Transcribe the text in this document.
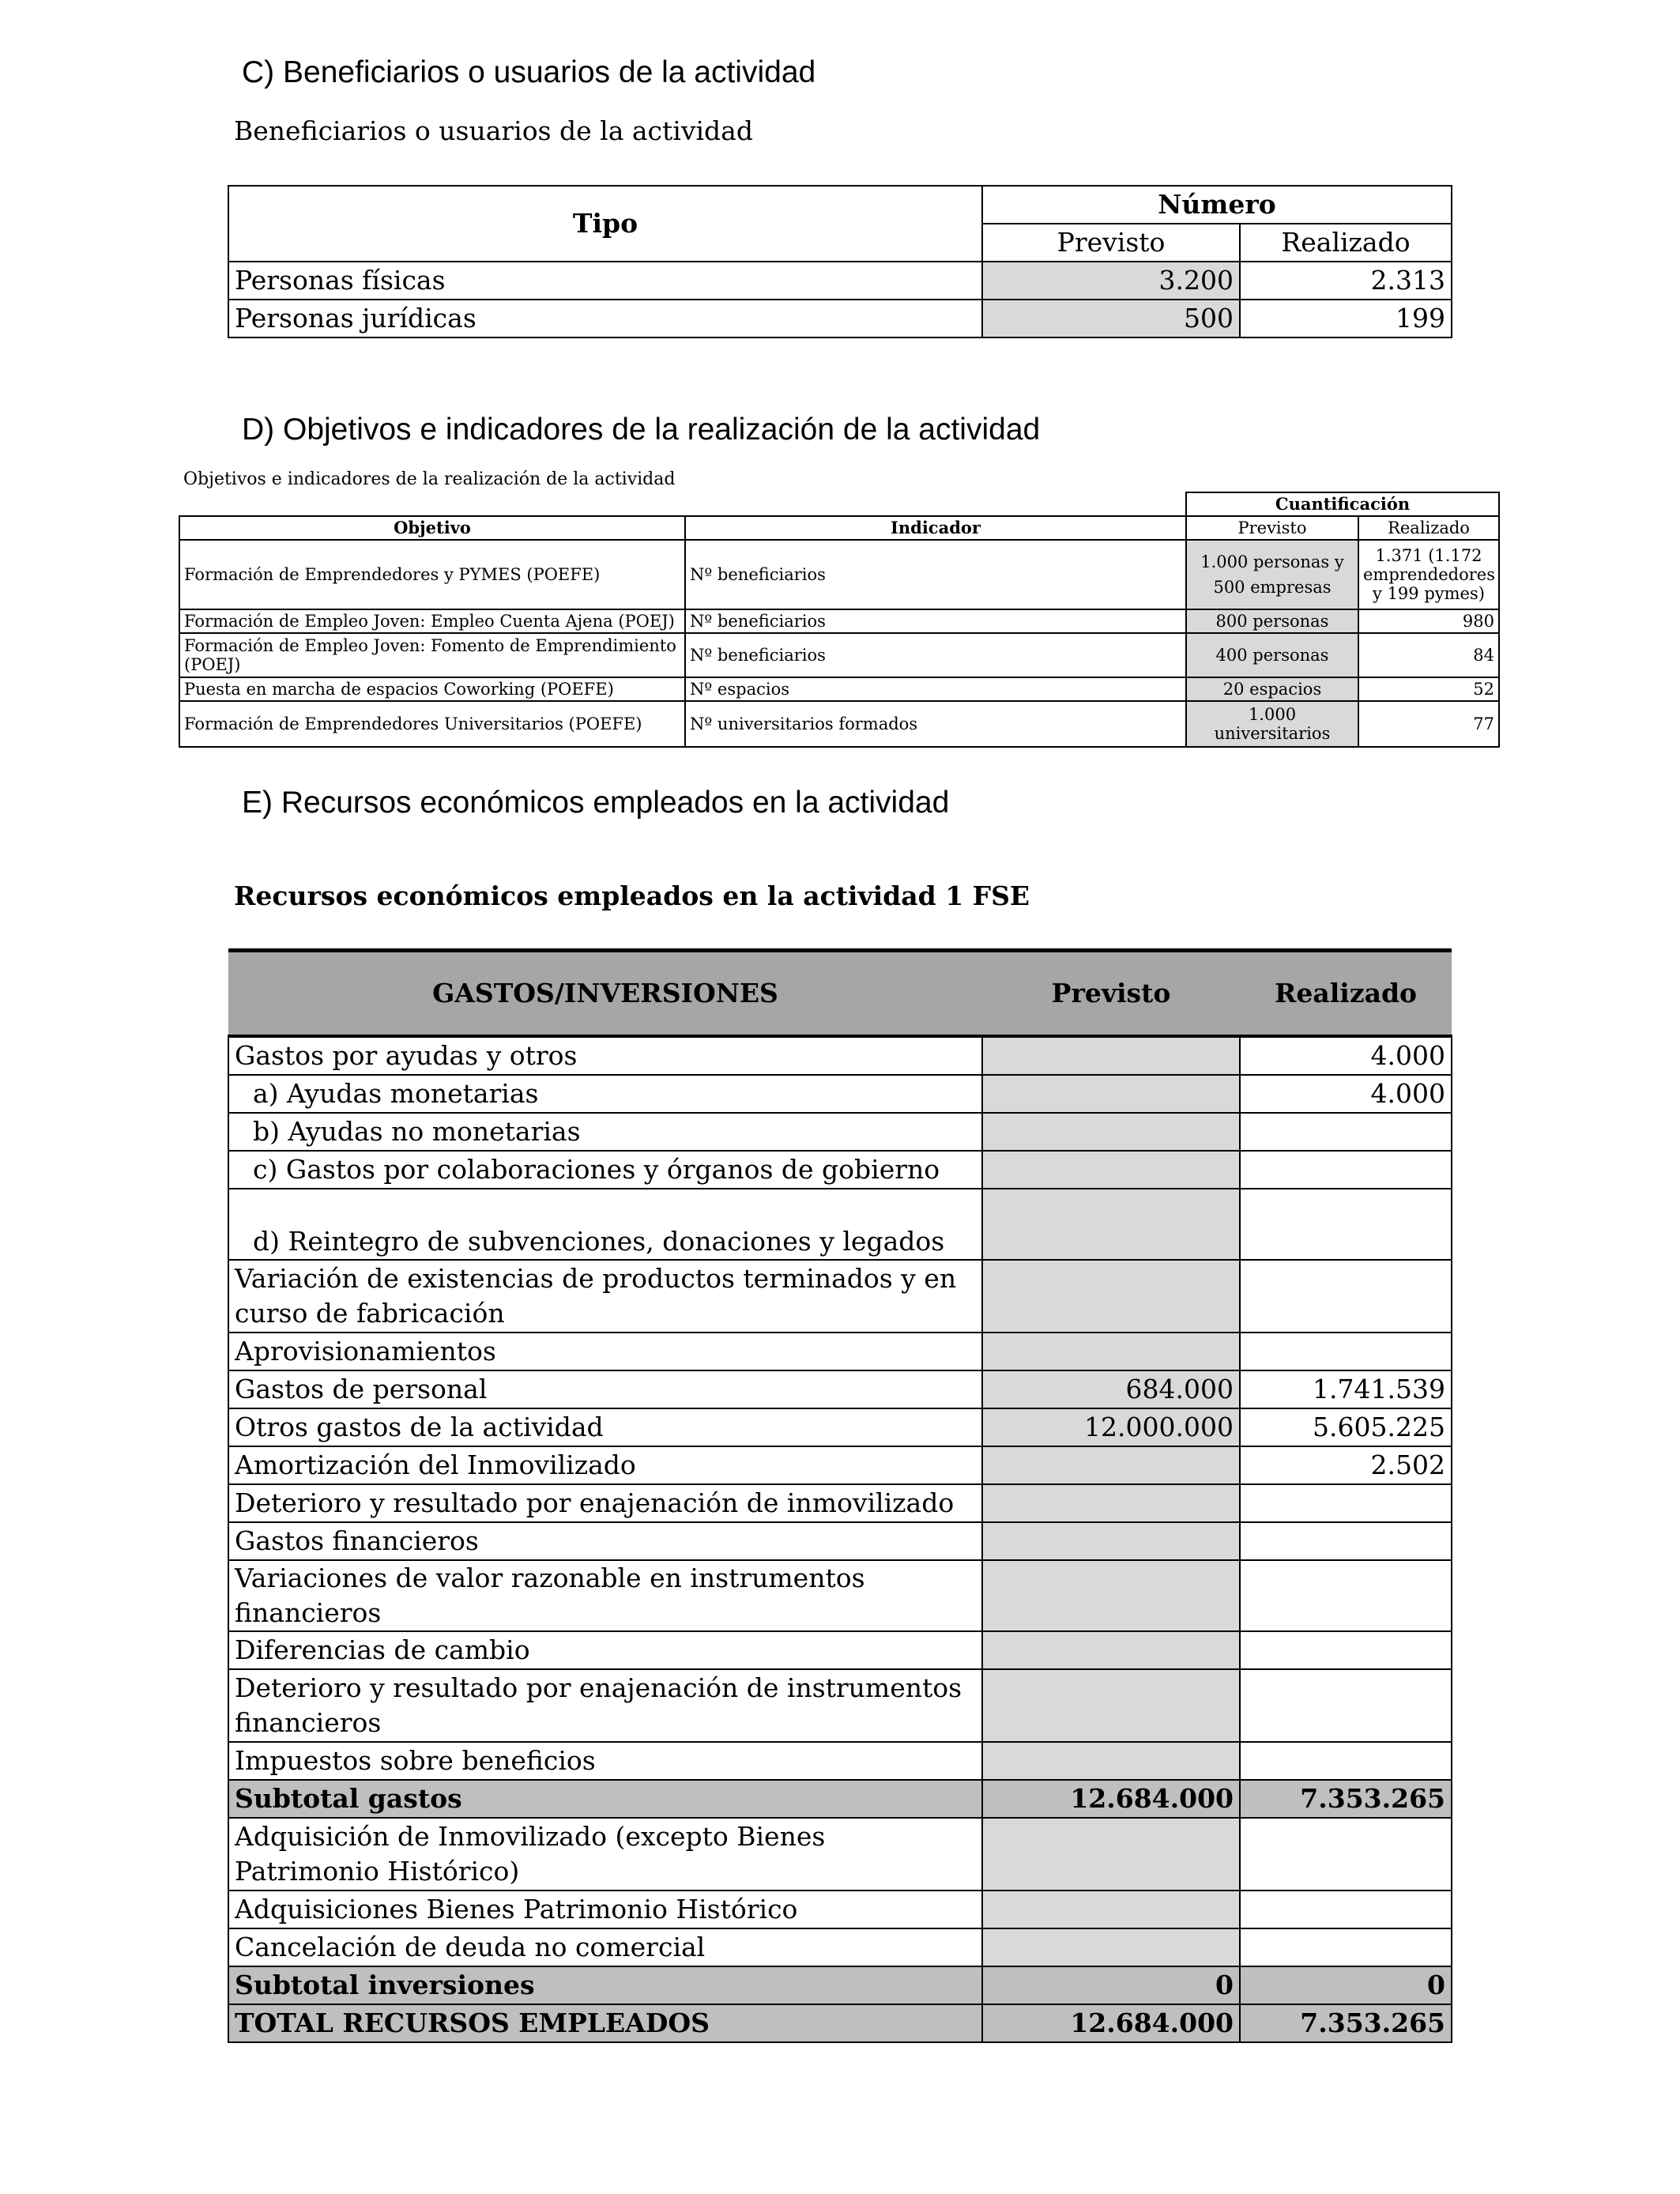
C) Beneficiarios o usuarios de la actividad
Beneficiarios o usuarios de la actividad
Tipo	Número	
	Previsto	Realizado
Personas físicas	3.200	2.313
Personas jurídicas	500	199
D) Objetivos e indicadores de la realización de la actividad
Objetivos e indicadores de la realización de la actividad
		Cuantificación	
Objetivo	Indicador	Previsto	Realizado
Formación de Emprendedores y PYMES (POEFE)	Nº beneficiarios	1.000 personas y 500 empresas	1.371 (1.172 emprendedores y 199 pymes)
Formación de Empleo Joven: Empleo Cuenta Ajena (POEJ)	Nº beneficiarios	800 personas	980
Formación de Empleo Joven: Fomento de Emprendimiento (POEJ)	Nº beneficiarios	400 personas	84
Puesta en marcha de espacios Coworking (POEFE)	Nº espacios	20 espacios	52
Formación de Emprendedores Universitarios (POEFE)	Nº universitarios formados	1.000 universitarios	77
E) Recursos económicos empleados en la actividad
Recursos económicos empleados en la actividad 1 FSE
GASTOS/INVERSIONES	Previsto	Realizado
Gastos por ayudas y otros		4.000
a) Ayudas monetarias		4.000
b) Ayudas no monetarias		
c) Gastos por colaboraciones y órganos de gobierno		
d) Reintegro de subvenciones, donaciones y legados		
Variación de existencias de productos terminados y en curso de fabricación		
Aprovisionamientos		
Gastos de personal	684.000	1.741.539
Otros gastos de la actividad	12.000.000	5.605.225
Amortización del Inmovilizado		2.502
Deterioro y resultado por enajenación de inmovilizado		
Gastos financieros		
Variaciones de valor razonable en instrumentos financieros		
Diferencias de cambio		
Deterioro y resultado por enajenación de instrumentos financieros		
Impuestos sobre beneficios		
Subtotal gastos	12.684.000	7.353.265
Adquisición de Inmovilizado (excepto Bienes Patrimonio Histórico)		
Adquisiciones Bienes Patrimonio Histórico		
Cancelación de deuda no comercial		
Subtotal inversiones	0	0
TOTAL RECURSOS EMPLEADOS	12.684.000	7.353.265
